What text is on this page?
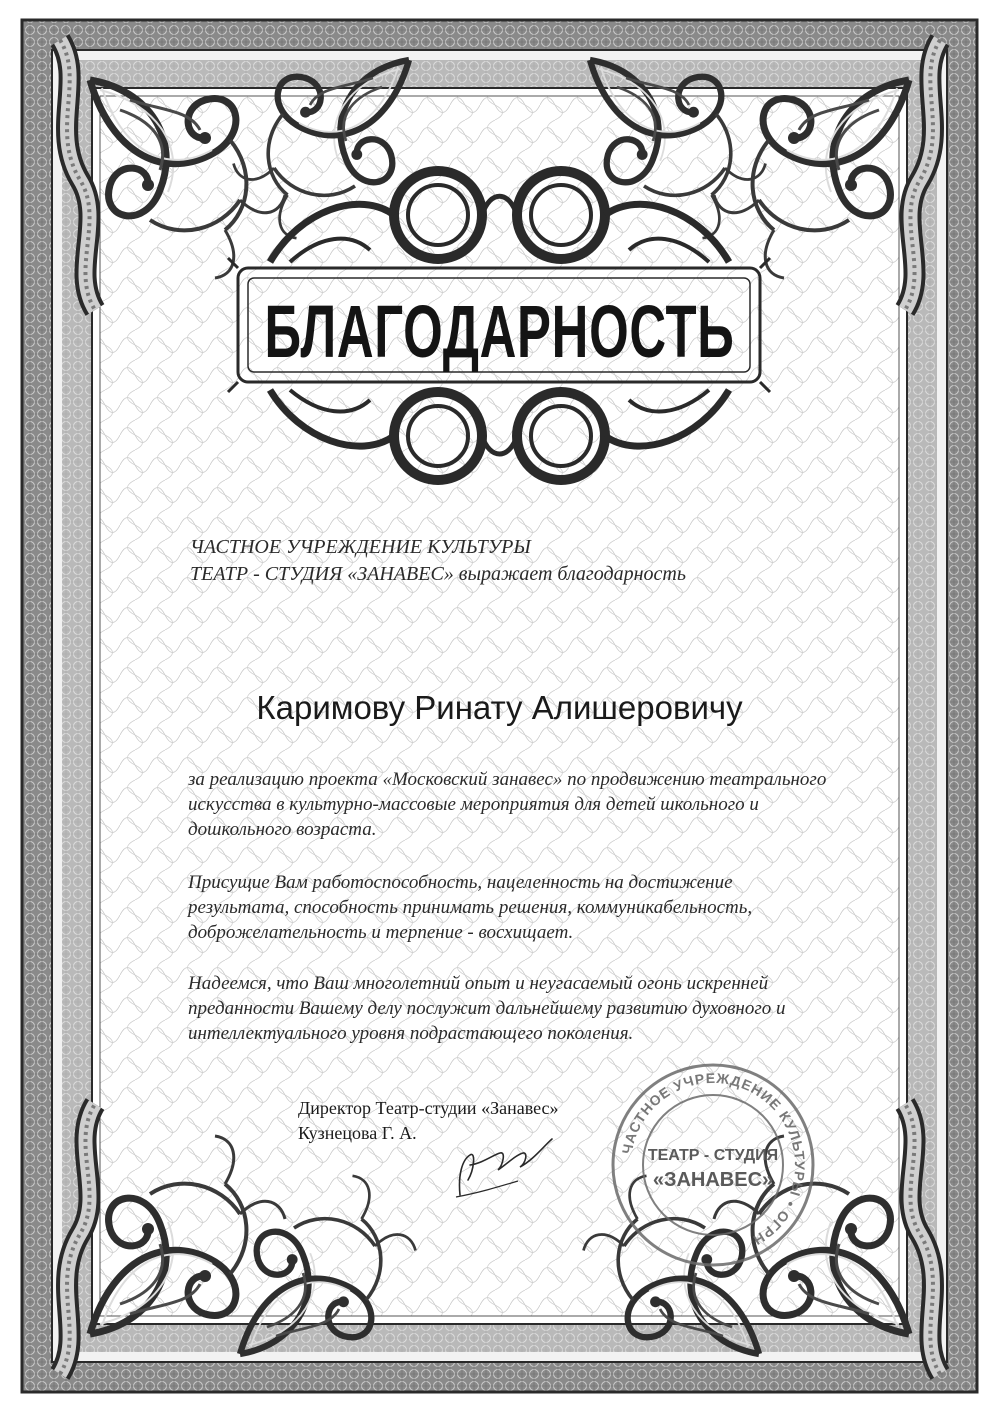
БЛАГОДАРНОСТЬ

ЧАСТНОЕ УЧРЕЖДЕНИЕ КУЛЬТУРЫ

ТЕАТР - СТУДИЯ «ЗАНАВЕС» выражает благодарность

Каримову Ринату Алишеровичу

за реализацию проекта «Московский занавес» по продвижению театрального

искусства в культурно-массовые мероприятия для детей школьного и

дошкольного возраста.

Присущие Вам работоспособность, нацеленность на достижение

результата, способность принимать решения, коммуникабельность,

доброжелательность и терпение - восхищает.

Надеемся, что Ваш многолетний опыт и неугасаемый огонь искренней

преданности Вашему делу послужит дальнейшему развитию духовного и

интеллектуального уровня подрастающего поколения.

Директор Театр-студии «Занавес»

Кузнецова Г. А.

ЧАСТНОЕ УЧРЕЖДЕНИЕ КУЛЬТУРЫ • ОГРН
ТЕАТР - СТУДИЯ
«ЗАНАВЕС»
